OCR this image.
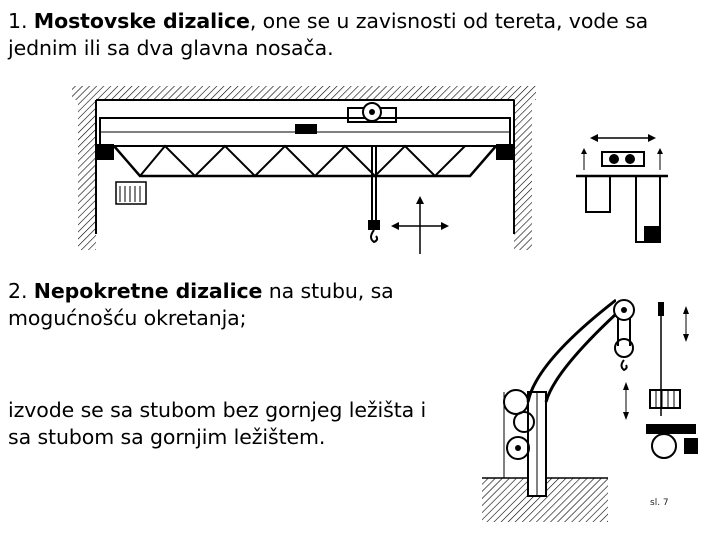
1. Mostovske dizalice, one se u zavisnosti od tereta, vode sa
jednim ili sa dva glavna nosača.
2. Nepokretne dizalice na stubu, sa
mogućnošću okretanja;
izvode se sa stubom bez gornjeg ležišta i
sa stubom sa gornjim ležištem.
sl. 7
